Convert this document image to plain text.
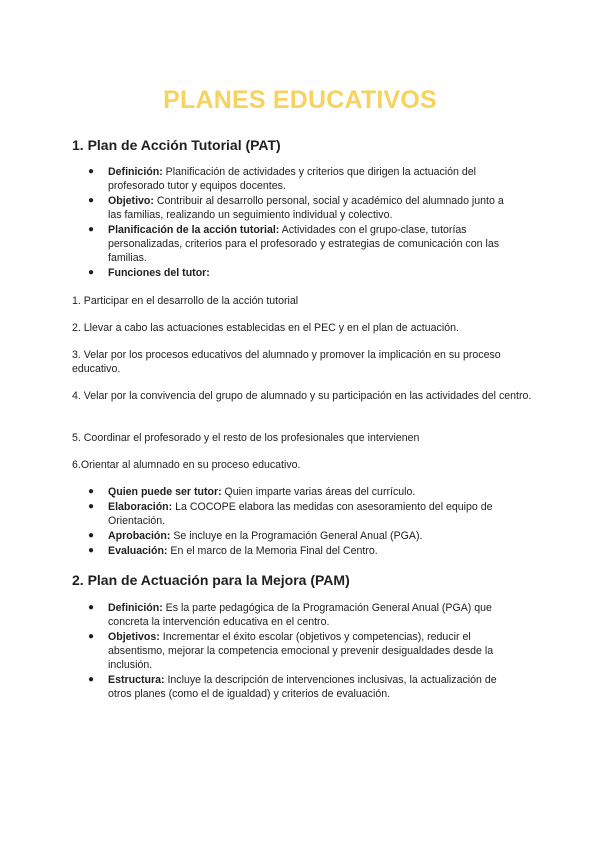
PLANES EDUCATIVOS
1. Plan de Acción Tutorial (PAT)
● Definición: Planificación de actividades y criterios que dirigen la actuación del profesorado tutor y equipos docentes.
● Objetivo: Contribuir al desarrollo personal, social y académico del alumnado junto a las familias, realizando un seguimiento individual y colectivo.
● Planificación de la acción tutorial: Actividades con el grupo-clase, tutorías personalizadas, criterios para el profesorado y estrategias de comunicación con las familias.
● Funciones del tutor:

1. Participar en el desarrollo de la acción tutorial

2. Llevar a cabo las actuaciones establecidas en el PEC y en el plan de actuación.

3. Velar por los procesos educativos del alumnado y promover la implicación en su proceso educativo.

4. Velar por la convivencia del grupo de alumnado y su participación en las actividades del centro.

5. Coordinar el profesorado y el resto de los profesionales que intervienen

6.Orientar al alumnado en su proceso educativo.

● Quien puede ser tutor: Quien imparte varias áreas del currículo.
● Elaboración: La COCOPE elabora las medidas con asesoramiento del equipo de Orientación.
● Aprobación: Se incluye en la Programación General Anual (PGA).
● Evaluación: En el marco de la Memoria Final del Centro.
2. Plan de Actuación para la Mejora (PAM)
● Definición: Es la parte pedagógica de la Programación General Anual (PGA) que concreta la intervención educativa en el centro.
● Objetivos: Incrementar el éxito escolar (objetivos y competencias), reducir el absentismo, mejorar la competencia emocional y prevenir desigualdades desde la inclusión.
● Estructura: Incluye la descripción de intervenciones inclusivas, la actualización de otros planes (como el de igualdad) y criterios de evaluación.
